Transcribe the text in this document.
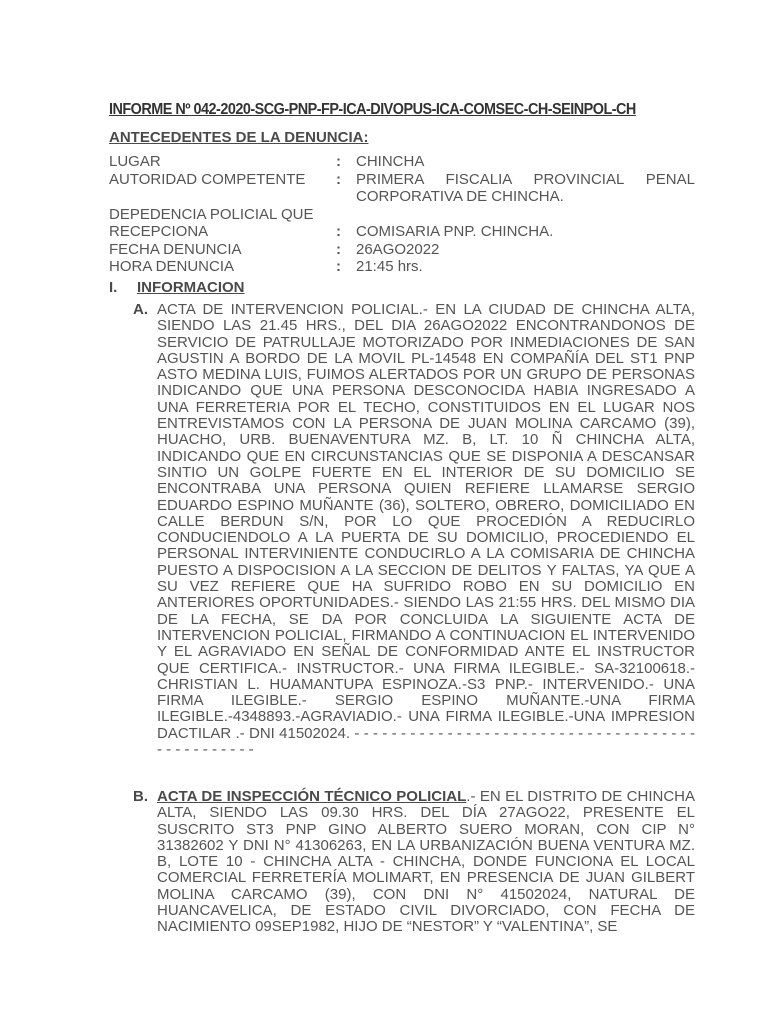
INFORME Nº 042-2020-SCG-PNP-FP-ICA-DIVOPUS-ICA-COMSEC-CH-SEINPOL-CH
ANTECEDENTES DE LA DENUNCIA:
LUGAR	:	CHINCHA
AUTORIDAD COMPETENTE	:	PRIMERA FISCALIA PROVINCIAL PENAL CORPORATIVA DE CHINCHA.
DEPEDENCIA POLICIAL QUE RECEPCIONA	:	COMISARIA PNP. CHINCHA.
FECHA DENUNCIA	:	26AGO2022
HORA DENUNCIA	:	21:45 hrs.
I. INFORMACION
A. ACTA DE INTERVENCION POLICIAL.- EN LA CIUDAD DE CHINCHA ALTA, SIENDO LAS 21.45 HRS., DEL DIA 26AGO2022 ENCONTRANDONOS DE SERVICIO DE PATRULLAJE MOTORIZADO POR INMEDIACIONES DE SAN AGUSTIN A BORDO DE LA MOVIL PL-14548 EN COMPAÑÍA DEL ST1 PNP ASTO MEDINA LUIS, FUIMOS ALERTADOS POR UN GRUPO DE PERSONAS INDICANDO QUE UNA PERSONA DESCONOCIDA HABIA INGRESADO A UNA FERRETERIA POR EL TECHO, CONSTITUIDOS EN EL LUGAR NOS ENTREVISTAMOS CON LA PERSONA DE JUAN MOLINA CARCAMO (39), HUACHO, URB. BUENAVENTURA MZ. B, LT. 10 Ñ CHINCHA ALTA, INDICANDO QUE EN CIRCUNSTANCIAS QUE SE DISPONIA A DESCANSAR SINTIO UN GOLPE FUERTE EN EL INTERIOR DE SU DOMICILIO SE ENCONTRABA UNA PERSONA QUIEN REFIERE LLAMARSE SERGIO EDUARDO ESPINO MUÑANTE (36), SOLTERO, OBRERO, DOMICILIADO EN CALLE BERDUN S/N, POR LO QUE PROCEDIÓN A REDUCIRLO CONDUCIENDOLO A LA PUERTA DE SU DOMICILIO, PROCEDIENDO EL PERSONAL INTERVINIENTE CONDUCIRLO A LA COMISARIA DE CHINCHA PUESTO A DISPOCISION A LA SECCION DE DELITOS Y FALTAS, YA QUE A SU VEZ REFIERE QUE HA SUFRIDO ROBO EN SU DOMICILIO EN ANTERIORES OPORTUNIDADES.- SIENDO LAS 21:55 HRS. DEL MISMO DIA DE LA FECHA, SE DA POR CONCLUIDA LA SIGUIENTE ACTA DE INTERVENCION POLICIAL, FIRMANDO A CONTINUACION EL INTERVENIDO Y EL AGRAVIADO EN SEÑAL DE CONFORMIDAD ANTE EL INSTRUCTOR QUE CERTIFICA.- INSTRUCTOR.- UNA FIRMA ILEGIBLE.- SA-32100618.- CHRISTIAN L. HUAMANTUPA ESPINOZA.-S3 PNP.- INTERVENIDO.- UNA FIRMA ILEGIBLE.- SERGIO ESPINO MUÑANTE.-UNA FIRMA ILEGIBLE.-4348893.-AGRAVIADIO.- UNA FIRMA ILEGIBLE.-UNA IMPRESION DACTILAR .- DNI 41502024. - - - - - - - - - - - - - - - - - - - - - - - - - - - - - - - - - - - - - - - - - - - - - - - -
B. ACTA DE INSPECCIÓN TÉCNICO POLICIAL.- EN EL DISTRITO DE CHINCHA ALTA, SIENDO LAS 09.30 HRS. DEL DÍA 27AGO22, PRESENTE EL SUSCRITO ST3 PNP GINO ALBERTO SUERO MORAN, CON CIP N° 31382602 Y DNI N° 41306263, EN LA URBANIZACIÓN BUENA VENTURA MZ. B, LOTE 10 - CHINCHA ALTA - CHINCHA, DONDE FUNCIONA EL LOCAL COMERCIAL FERRETERÍA MOLIMART, EN PRESENCIA DE JUAN GILBERT MOLINA CARCAMO (39), CON DNI N° 41502024, NATURAL DE HUANCAVELICA, DE ESTADO CIVIL DIVORCIADO, CON FECHA DE NACIMIENTO 09SEP1982, HIJO DE “NESTOR” Y “VALENTINA”, SE
